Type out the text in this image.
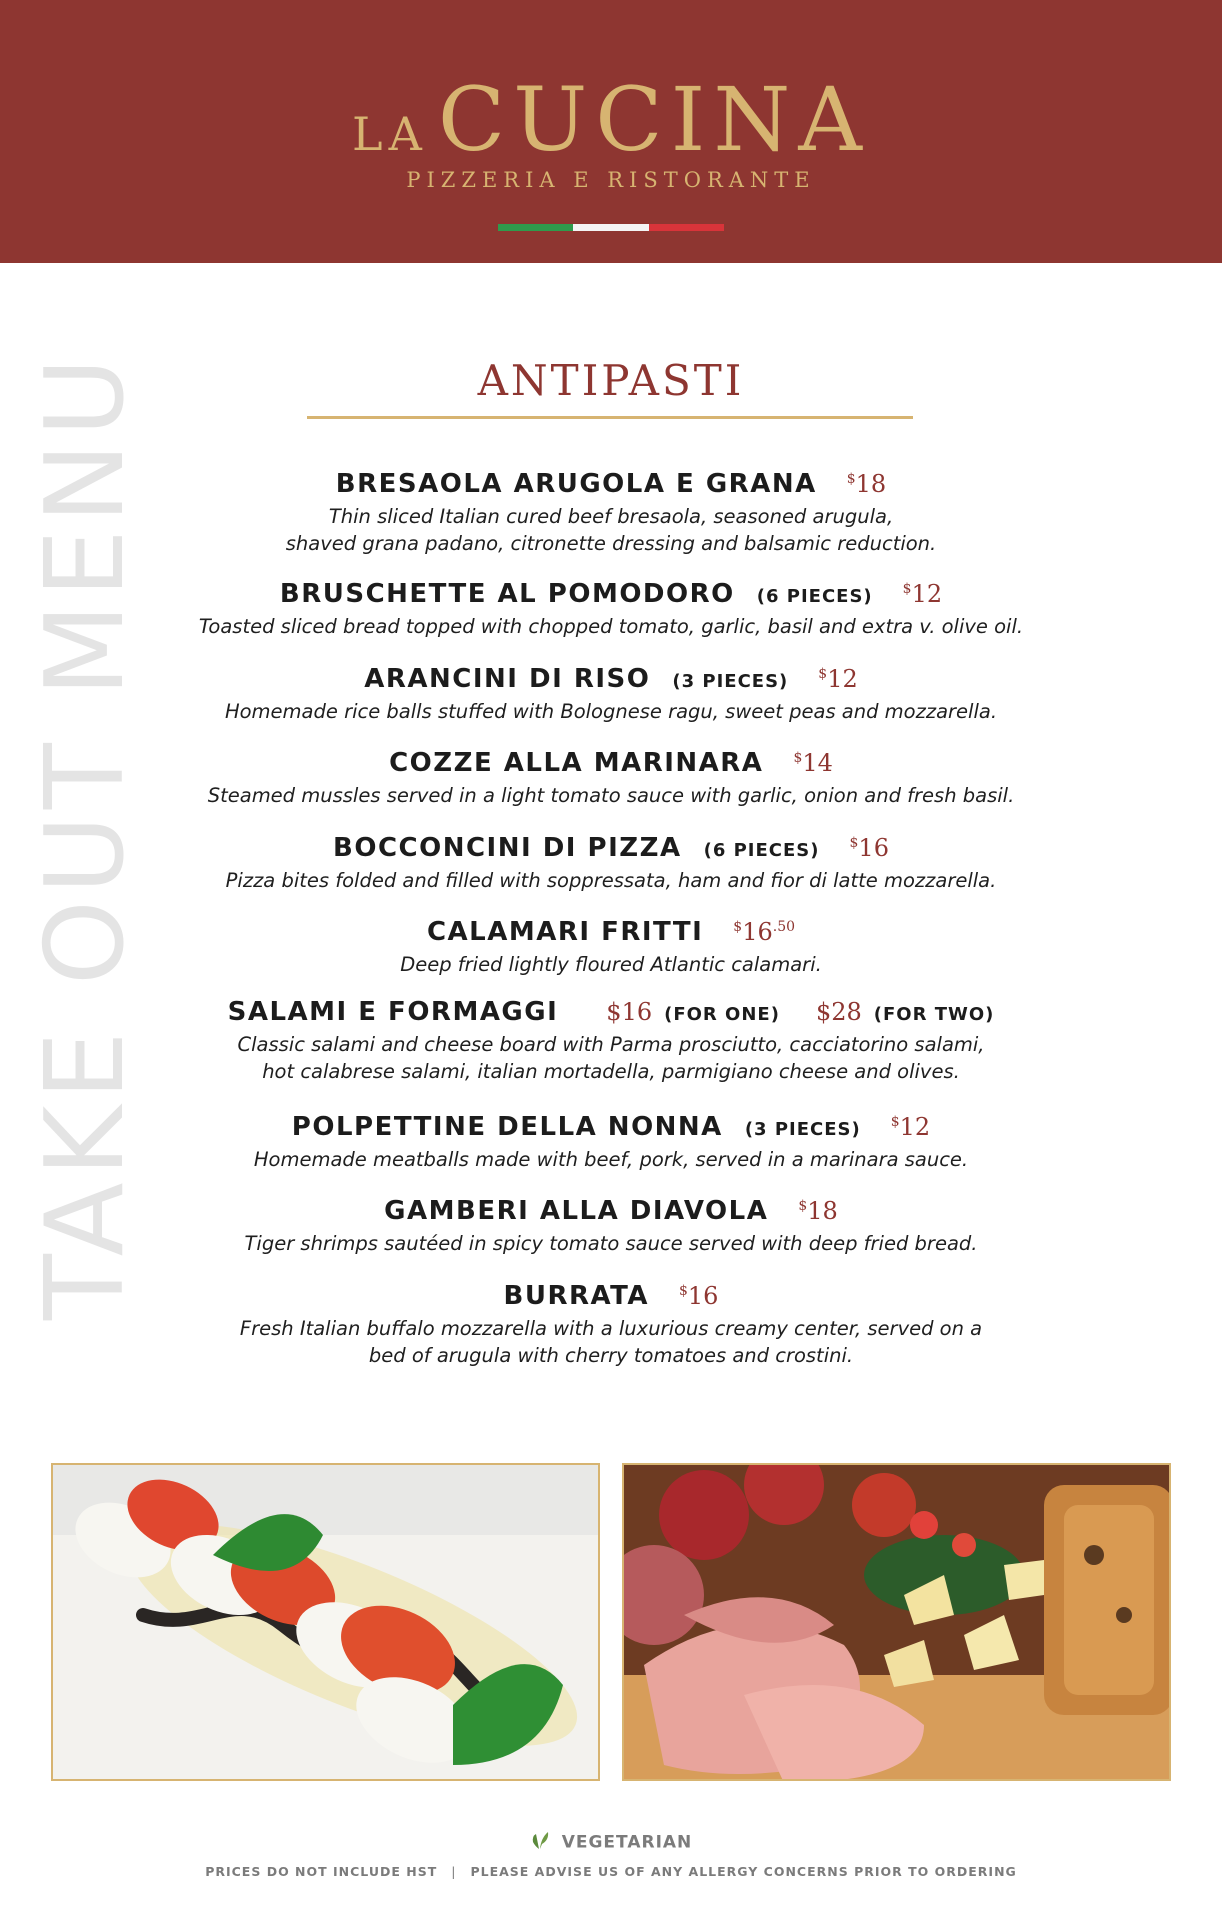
LA CUCINA
PIZZERIA E RISTORANTE
TAKE OUT MENU	ANTIPASTI
BRESAOLA ARUGOLA E GRANA $18
Thin sliced Italian cured beef bresaola, seasoned arugula,
shaved grana padano, citronette dressing and balsamic reduction.
BRUSCHETTE AL POMODORO (6 PIECES) $12
Toasted sliced bread topped with chopped tomato, garlic, basil and extra v. olive oil.
ARANCINI DI RISO (3 PIECES) $12
Homemade rice balls stuffed with Bolognese ragu, sweet peas and mozzarella.
COZZE ALLA MARINARA $14
Steamed mussles served in a light tomato sauce with garlic, onion and fresh basil.
BOCCONCINI DI PIZZA (6 PIECES) $16
Pizza bites folded and filled with soppressata, ham and fior di latte mozzarella.
CALAMARI FRITTI $^{\$}16^{.50}$
Deep fried lightly floured Atlantic calamari.
SALAMI E FORMAGGI $16 (FOR ONE) $28 (FOR TWO)
Classic salami and cheese board with Parma prosciutto, cacciatorino salami,
hot calabrese salami, italian mortadella, parmigiano cheese and olives.
POLPETTINE DELLA NONNA (3 PIECES) $12
Homemade meatballs made with beef, pork, served in a marinara sauce.
GAMBERI ALLA DIAVOLA $18
Tiger shrimps sautéed in spicy tomato sauce served with deep fried bread.
BURRATA $16
Fresh Italian buffalo mozzarella with a luxurious creamy center, served on a
bed of arugula with cherry tomatoes and crostini.
VEGETARIAN
PRICES DO NOT INCLUDE HST | PLEASE ADVISE US OF ANY ALLERGY CONCERNS PRIOR TO ORDERING
